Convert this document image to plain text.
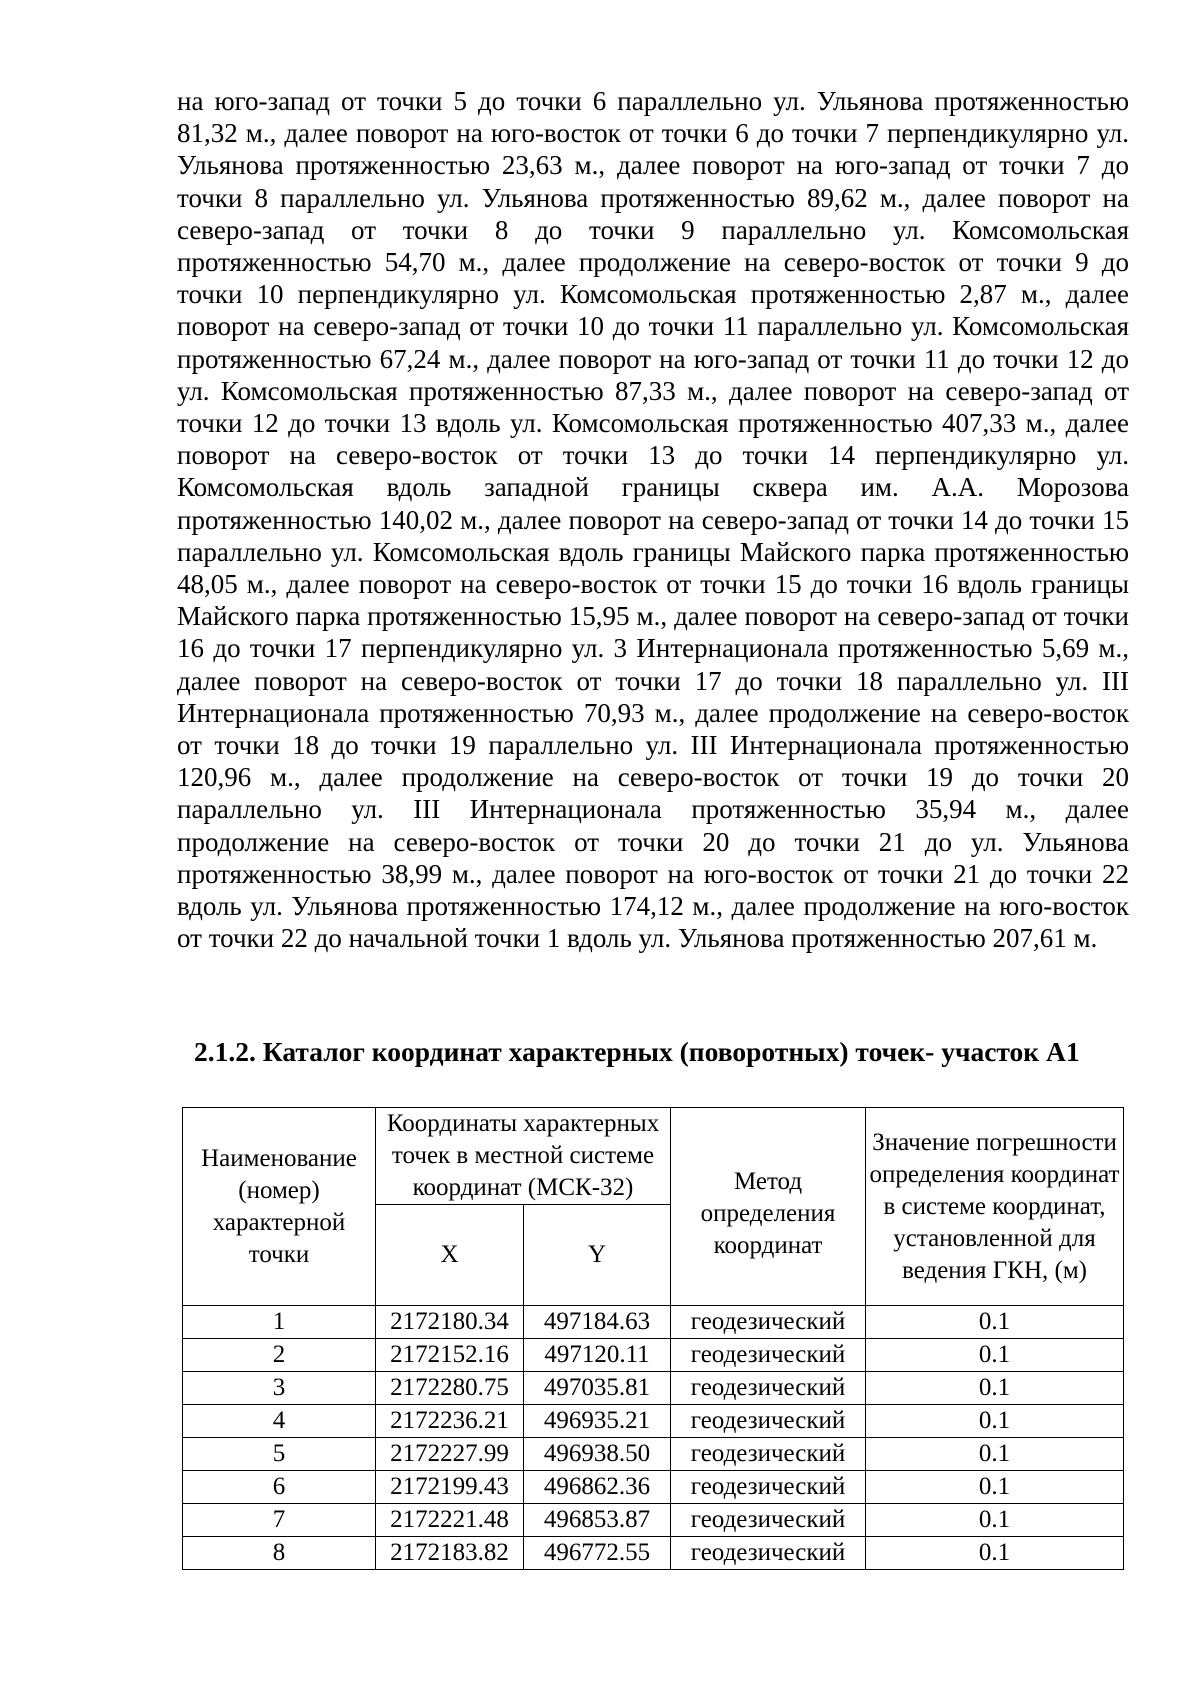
на юго-запад от точки 5 до точки 6 параллельно ул. Ульянова протяженностью 81,32 м., далее поворот на юго-восток от точки 6 до точки 7 перпендикулярно ул. Ульянова протяженностью 23,63 м., далее поворот на юго-запад от точки 7 до точки 8 параллельно ул. Ульянова протяженностью 89,62 м., далее поворот на северо-запад от точки 8 до точки 9 параллельно ул. Комсомольская протяженностью 54,70 м., далее продолжение на северо-восток от точки 9 до точки 10 перпендикулярно ул. Комсомольская протяженностью 2,87 м., далее поворот на северо-запад от точки 10 до точки 11 параллельно ул. Комсомольская протяженностью 67,24 м., далее поворот на юго-запад от точки 11 до точки 12 до ул. Комсомольская протяженностью 87,33 м., далее поворот на северо-запад от точки 12 до точки 13 вдоль ул. Комсомольская протяженностью 407,33 м., далее поворот на северо-восток от точки 13 до точки 14 перпендикулярно ул. Комсомольская вдоль западной границы сквера им. А.А. Морозова протяженностью 140,02 м., далее поворот на северо-запад от точки 14 до точки 15 параллельно ул. Комсомольская вдоль границы Майского парка протяженностью 48,05 м., далее поворот на северо-восток от точки 15 до точки 16 вдоль границы Майского парка протяженностью 15,95 м., далее поворот на северо-запад от точки 16 до точки 17 перпендикулярно ул. 3 Интернационала протяженностью 5,69 м., далее поворот на северо-восток от точки 17 до точки 18 параллельно ул. III Интернационала протяженностью 70,93 м., далее продолжение на северо-восток от точки 18 до точки 19 параллельно ул. III Интернационала протяженностью 120,96 м., далее продолжение на северо-восток от точки 19 до точки 20 параллельно ул. III Интернационала протяженностью 35,94 м., далее продолжение на северо-восток от точки 20 до точки 21 до ул. Ульянова протяженностью 38,99 м., далее поворот на юго-восток от точки 21 до точки 22 вдоль ул. Ульянова протяженностью 174,12 м., далее продолжение на юго-восток от точки 22 до начальной точки 1 вдоль ул. Ульянова протяженностью 207,61 м.

2.1.2. Каталог координат характерных (поворотных) точек- участок А1
Наименование (номер) характерной точки	Координаты характерных точек в местной системе координат (МСК-32)		Метод определения координат	Значение погрешности определения координат в системе координат, установленной для ведения ГКН, (м)
	X	Y		
1	2172180.34	497184.63	геодезический	0.1
2	2172152.16	497120.11	геодезический	0.1
3	2172280.75	497035.81	геодезический	0.1
4	2172236.21	496935.21	геодезический	0.1
5	2172227.99	496938.50	геодезический	0.1
6	2172199.43	496862.36	геодезический	0.1
7	2172221.48	496853.87	геодезический	0.1
8	2172183.82	496772.55	геодезический	0.1
